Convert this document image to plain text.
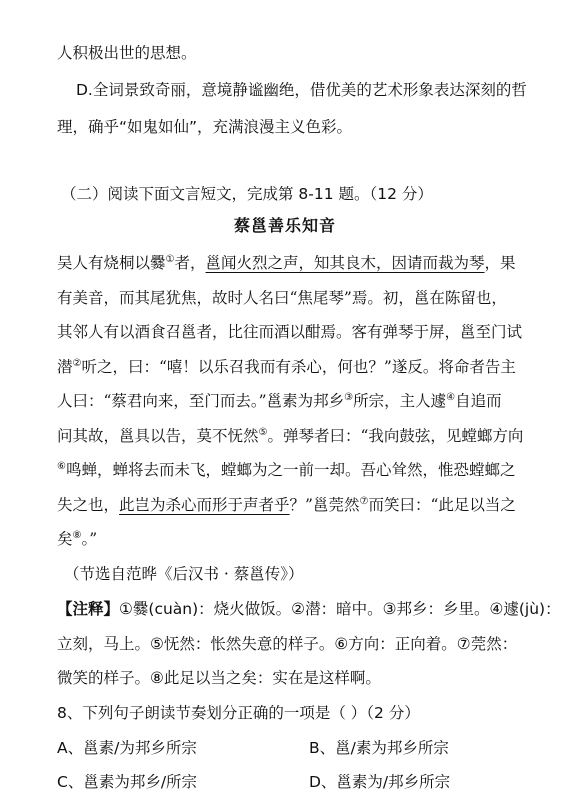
人积极出世的思想。
D.全词景致奇丽，意境静谧幽绝，借优美的艺术形象表达深刻的哲
理，确乎“如鬼如仙”，充满浪漫主义色彩。
（二）阅读下面文言短文，完成第 8-11 题。（12 分）
蔡邕善乐知音
吴人有烧桐以爨①者，邕闻火烈之声，知其良木，因请而裁为琴，果
有美音，而其尾犹焦，故时人名曰“焦尾琴”焉。初，邕在陈留也，
其邻人有以酒食召邕者，比往而酒以酣焉。客有弹琴于屏，邕至门试
潜②听之，曰：“嘻！以乐召我而有杀心，何也？”遂反。将命者告主
人曰：“蔡君向来，至门而去。”邕素为邦乡③所宗，主人遽④自追而
问其故，邕具以告，莫不怃然⑤。弹琴者曰：“我向鼓弦，见螳螂方向
⑥鸣蝉，蝉将去而未飞，螳螂为之一前一却。吾心耸然，惟恐螳螂之
失之也，此岂为杀心而形于声者乎？”邕莞然⑦而笑曰：“此足以当之
矣⑧。”
（节选自范晔《后汉书 · 蔡邕传》）
【注释】①爨(cuàn)：烧火做饭。②潜：暗中。③邦乡：乡里。④遽(jù)：
立刻，马上。⑤怃然：怅然失意的样子。⑥方向：正向着。⑦莞然：
微笑的样子。⑧此足以当之矣：实在是这样啊。
8、下列句子朗读节奏划分正确的一项是（ ）（2 分）
A、邕素/为邦乡所宗	B、邕/素为邦乡所宗
C、邕素为邦乡/所宗	D、邕素为/邦乡所宗
